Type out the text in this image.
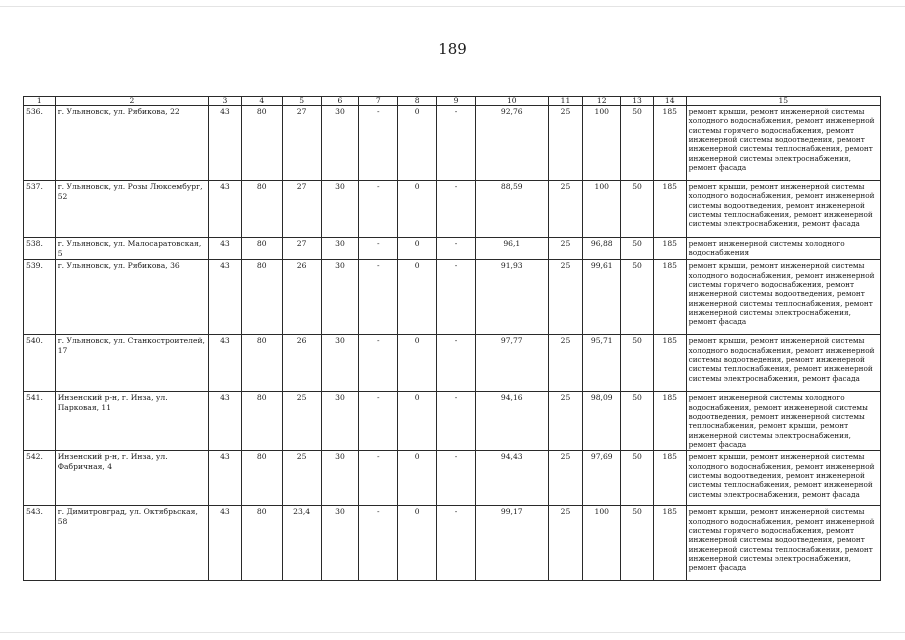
189
1	2	3	4	5	6	7	8	9	10	11	12	13	14	15
536.	г. Ульяновск, ул. Рябикова, 22	43	80	27	30	-	0	-	92,76	25	100	50	185	ремонт крыши, ремонт инженерной системы холодного водоснабжения, ремонт инженерной системы горячего водоснабжения, ремонт инженерной системы водоотведения, ремонт инженерной системы теплоснабжения, ремонт инженерной системы электроснабжения, ремонт фасада
537.	г. Ульяновск, ул. Розы Люксембург, 52	43	80	27	30	-	0	-	88,59	25	100	50	185	ремонт крыши, ремонт инженерной системы холодного водоснабжения, ремонт инженерной системы водоотведения, ремонт инженерной системы теплоснабжения, ремонт инженерной системы электроснабжения, ремонт фасада
538.	г. Ульяновск, ул. Малосаратовская, 5	43	80	27	30	-	0	-	96,1	25	96,88	50	185	ремонт инженерной системы холодного водоснабжения
539.	г. Ульяновск, ул. Рябикова, 36	43	80	26	30	-	0	-	91,93	25	99,61	50	185	ремонт крыши, ремонт инженерной системы холодного водоснабжения, ремонт инженерной системы горячего водоснабжения, ремонт инженерной системы водоотведения, ремонт инженерной системы теплоснабжения, ремонт инженерной системы электроснабжения, ремонт фасада
540.	г. Ульяновск, ул. Станкостроителей, 17	43	80	26	30	-	0	-	97,77	25	95,71	50	185	ремонт крыши, ремонт инженерной системы холодного водоснабжения, ремонт инженерной системы водоотведения, ремонт инженерной системы теплоснабжения, ремонт инженерной системы электроснабжения, ремонт фасада
541.	Инзенский р-н, г. Инза, ул. Парковая, 11	43	80	25	30	-	0	-	94,16	25	98,09	50	185	ремонт инженерной системы холодного водоснабжения, ремонт инженерной системы водоотведения, ремонт инженерной системы теплоснабжения, ремонт крыши, ремонт инженерной системы электроснабжения, ремонт фасада
542.	Инзенский р-н, г. Инза, ул. Фабричная, 4	43	80	25	30	-	0	-	94,43	25	97,69	50	185	ремонт крыши, ремонт инженерной системы холодного водоснабжения, ремонт инженерной системы водоотведения, ремонт инженерной системы теплоснабжения, ремонт инженерной системы электроснабжения, ремонт фасада
543.	г. Димитровград, ул. Октябрьская, 58	43	80	23,4	30	-	0	-	99,17	25	100	50	185	ремонт крыши, ремонт инженерной системы холодного водоснабжения, ремонт инженерной системы горячего водоснабжения, ремонт инженерной системы водоотведения, ремонт инженерной системы теплоснабжения, ремонт инженерной системы электроснабжения, ремонт фасада
